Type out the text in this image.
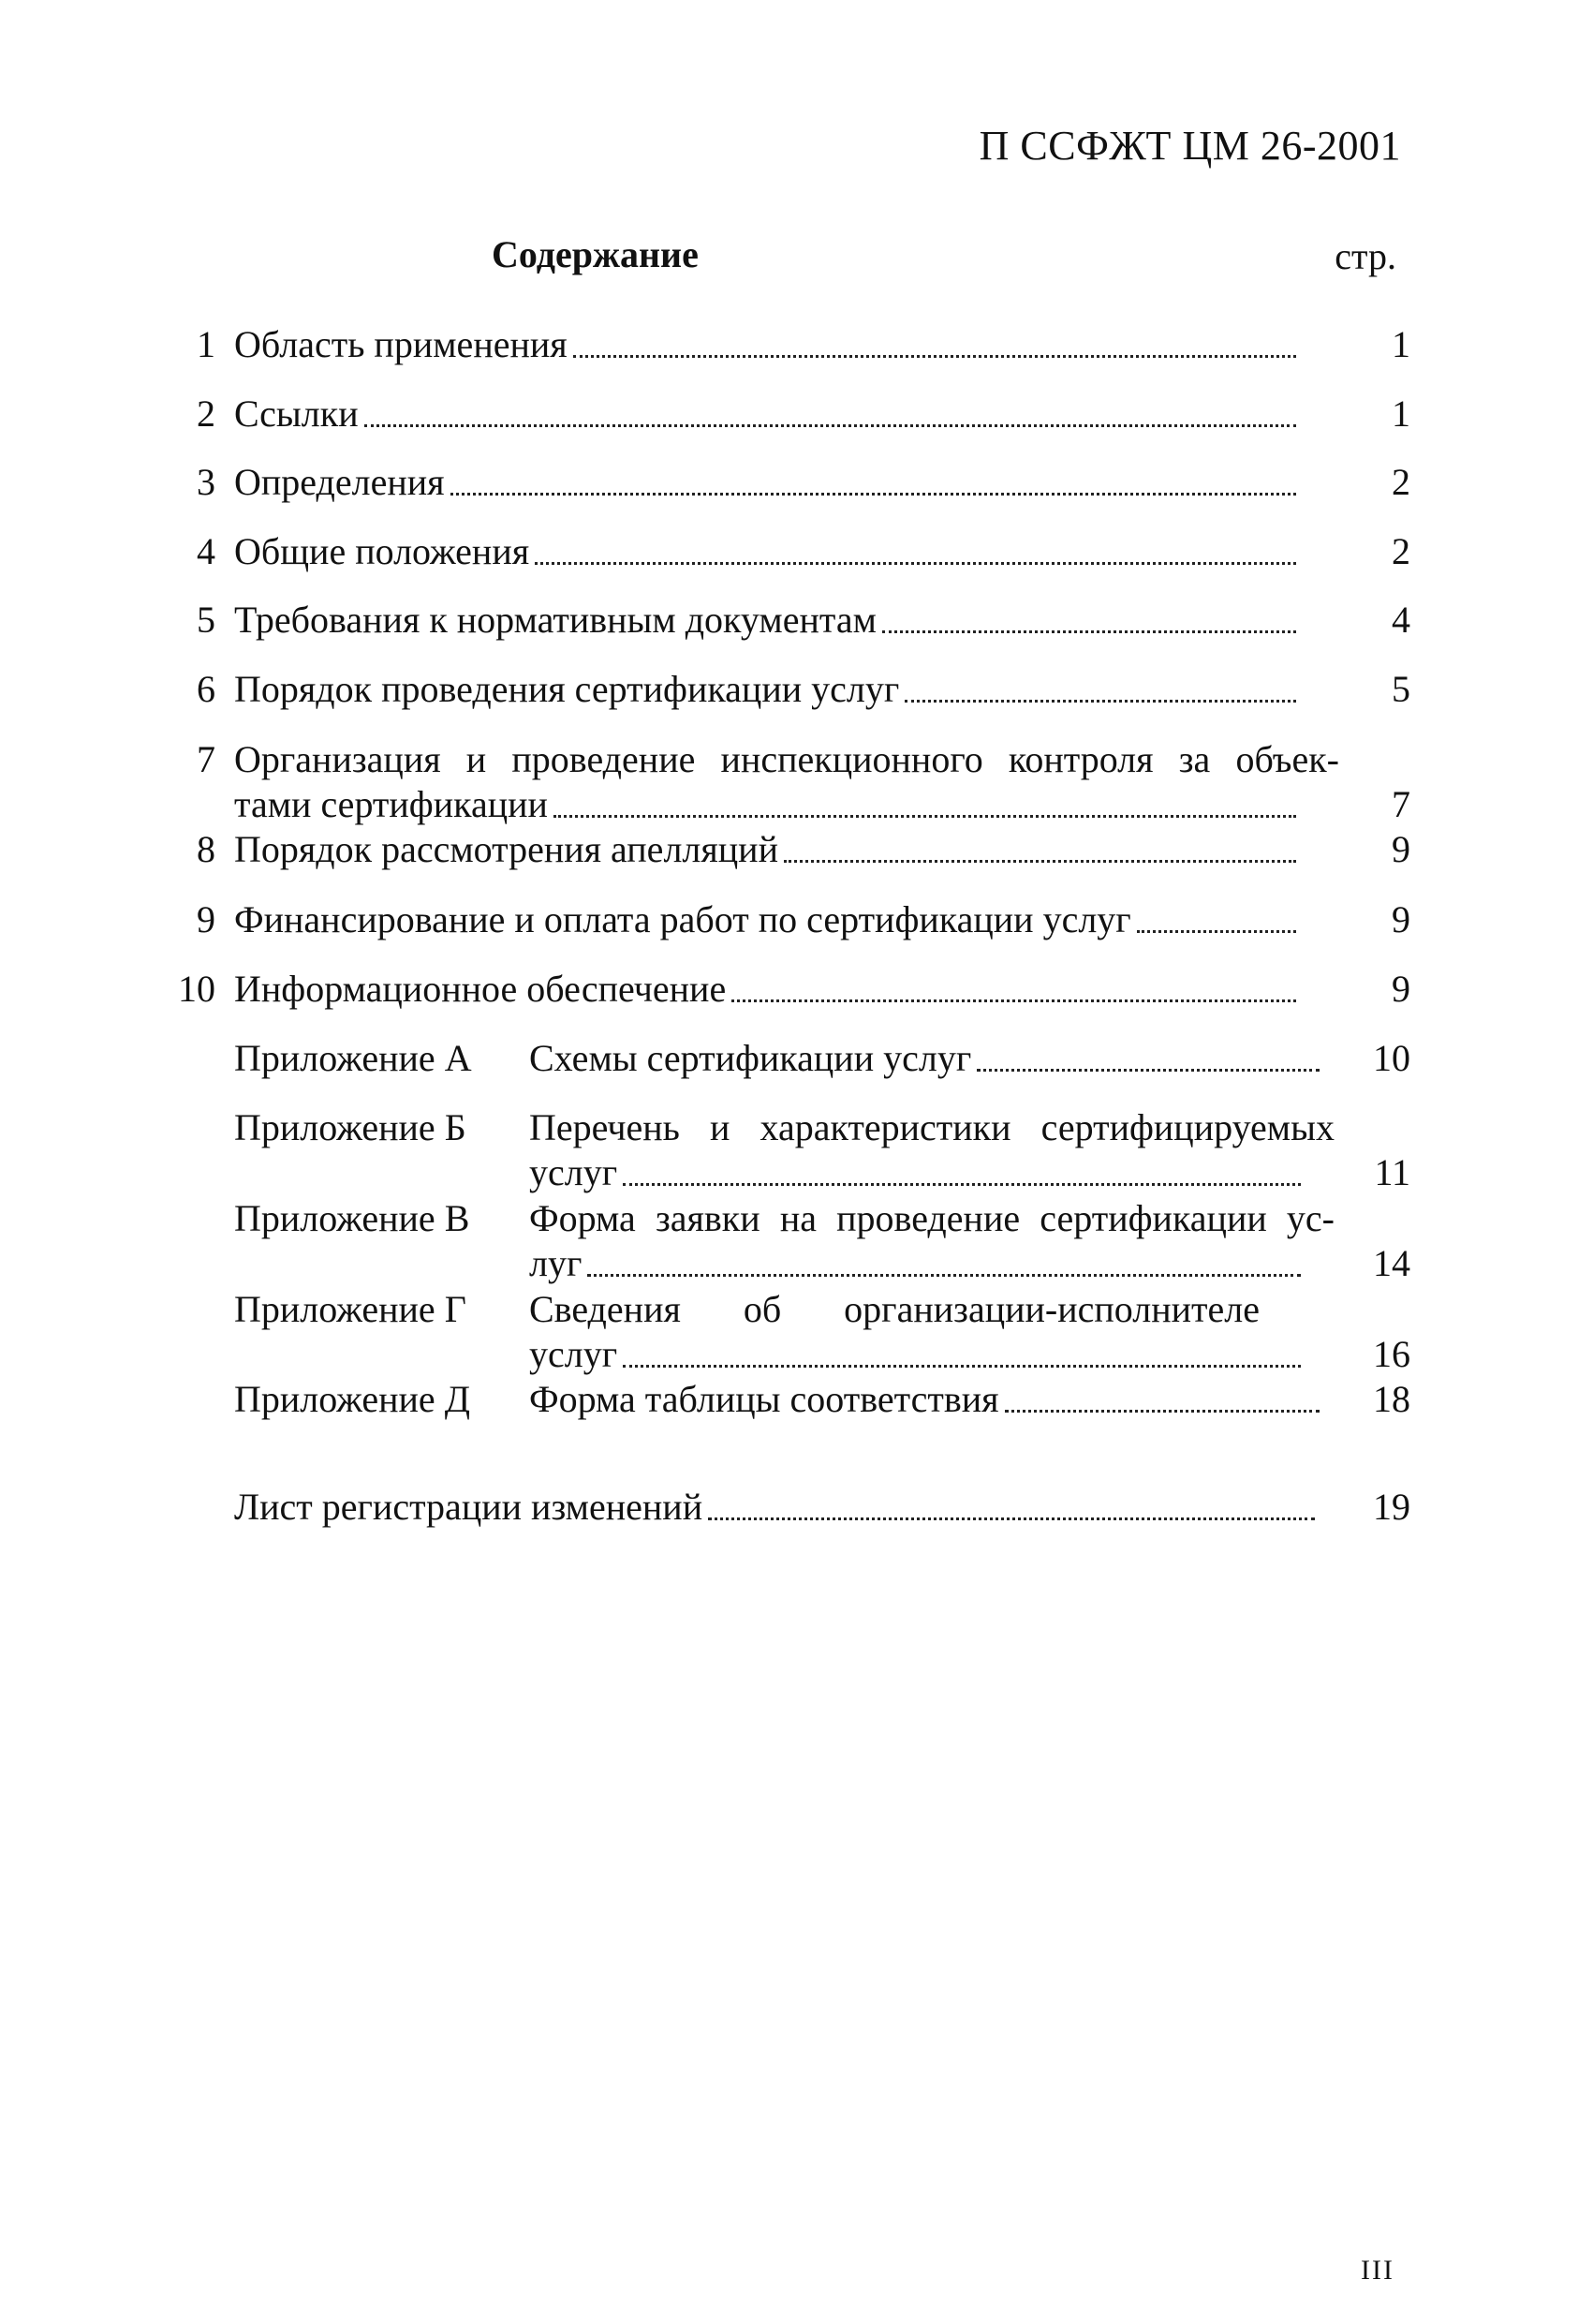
П ССФЖТ ЦМ 26-2001
Содержание	стр.
1 Область применения	1
2 Ссылки	1
3 Определения	2
4 Общие положения	2
5 Требования к нормативным документам	4
6 Порядок проведения сертификации услуг	5
7 Организация и проведение инспекционного контроля за объек-
тами сертификации	7
8 Порядок рассмотрения апелляций	9
9 Финансирование и оплата работ по сертификации услуг	9
10 Информационное обеспечение	9
Приложение А Схемы сертификации услуг	10
Приложение Б Перечень и характеристики сертифицируемых
услуг	11
Приложение В Форма заявки на проведение сертификации ус-
луг	14
Приложение Г Сведения об организации-исполнителе
услуг	16
Приложение Д Форма таблицы соответствия	18
Лист регистрации изменений	19
III
